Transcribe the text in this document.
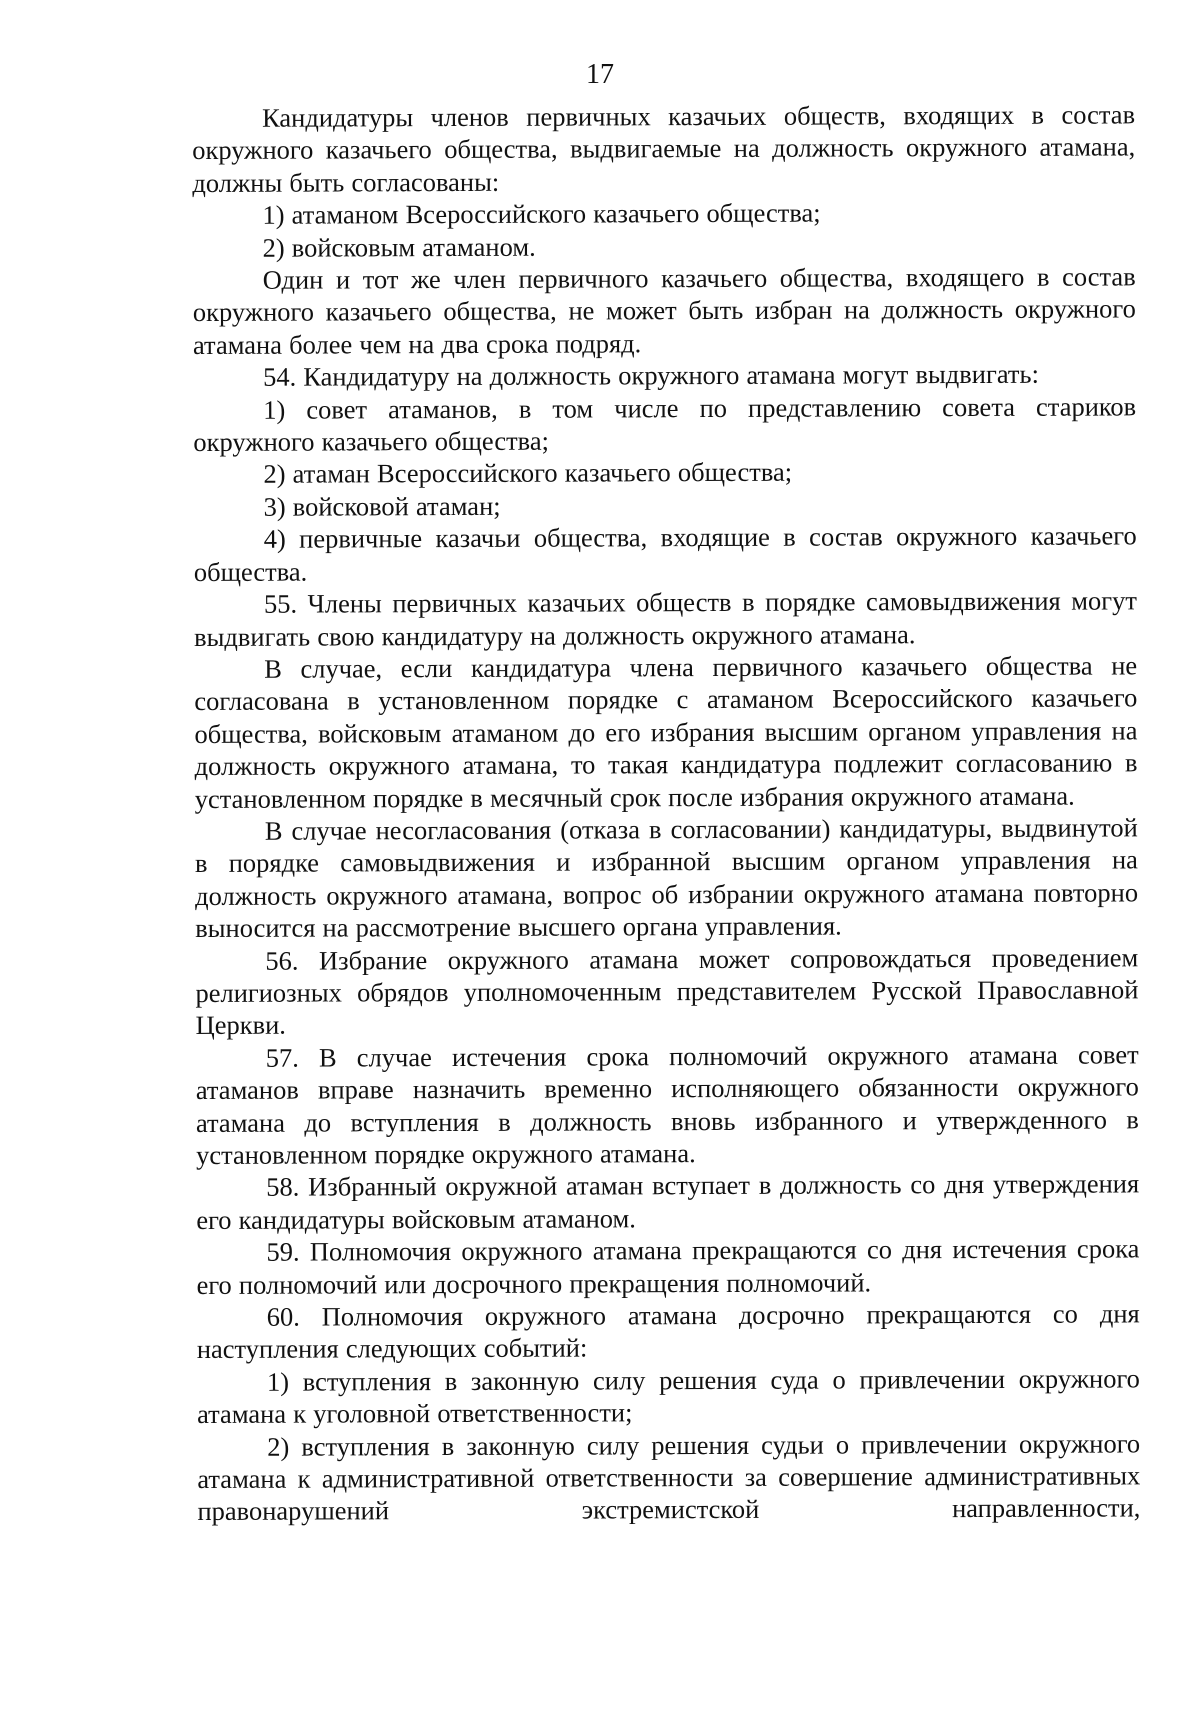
17

Кандидатуры членов первичных казачьих обществ, входящих в состав окружного казачьего общества, выдвигаемые на должность окружного атамана, должны быть согласованы:

1) атаманом Всероссийского казачьего общества;

2) войсковым атаманом.

Один и тот же член первичного казачьего общества, входящего в состав окружного казачьего общества, не может быть избран на должность окружного атамана более чем на два срока подряд.

54. Кандидатуру на должность окружного атамана могут выдвигать:

1) совет атаманов, в том числе по представлению совета стариков окружного казачьего общества;

2) атаман Всероссийского казачьего общества;

3) войсковой атаман;

4) первичные казачьи общества, входящие в состав окружного казачьего общества.

55. Члены первичных казачьих обществ в порядке самовыдвижения могут выдвигать свою кандидатуру на должность окружного атамана.

В случае, если кандидатура члена первичного казачьего общества не согласована в установленном порядке с атаманом Всероссийского казачьего общества, войсковым атаманом до его избрания высшим органом управления на должность окружного атамана, то такая кандидатура подлежит согласованию в установленном порядке в месячный срок после избрания окружного атамана.

В случае несогласования (отказа в согласовании) кандидатуры, выдвинутой в порядке самовыдвижения и избранной высшим органом управления на должность окружного атамана, вопрос об избрании окружного атамана повторно выносится на рассмотрение высшего органа управления.

56. Избрание окружного атамана может сопровождаться проведением религиозных обрядов уполномоченным представителем Русской Православной Церкви.

57. В случае истечения срока полномочий окружного атамана совет атаманов вправе назначить временно исполняющего обязанности окружного атамана до вступления в должность вновь избранного и утвержденного в установленном порядке окружного атамана.

58. Избранный окружной атаман вступает в должность со дня утверждения его кандидатуры войсковым атаманом.

59. Полномочия окружного атамана прекращаются со дня истечения срока его полномочий или досрочного прекращения полномочий.

60. Полномочия окружного атамана досрочно прекращаются со дня наступления следующих событий:

1) вступления в законную силу решения суда о привлечении окружного атамана к уголовной ответственности;

2) вступления в законную силу решения судьи о привлечении окружного атамана к административной ответственности за совершение административных правонарушений экстремистской направленности,
